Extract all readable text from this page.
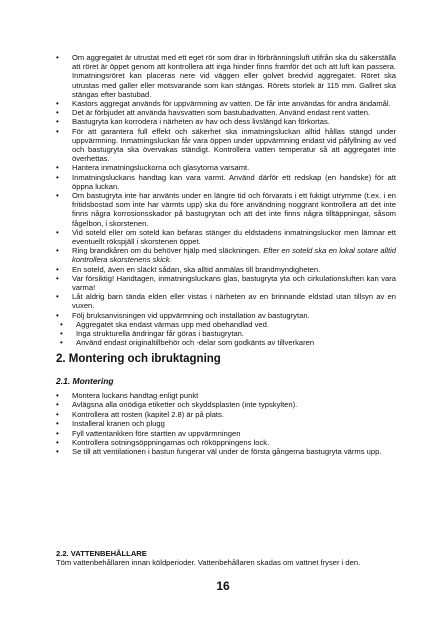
• Om aggregatet är utrustat med ett eget rör som drar in förbränningsluft utifrån ska du säkerställa att röret är öppet genom att kontrollera att inga hinder finns framför det och att luft kan passera. Inmatningsröret kan placeras nere vid väggen eller golvet bredvid aggregatet. Röret ska utrustas med galler eller motsvarande som kan stängas. Rörets storlek är 115 mm. Gallret ska stängas efter bastubad.
• Kastors aggregat används för uppvärmning av vatten. De får inte användas för andra ändamål.
• Det är förbjudet att använda havsvatten som bastubadvatten. Använd endast rent vatten.
• Bastugryta kan korrodera i närheten av hav och dess livslängd kan förkortas.
• För att garantera full effekt och säkerhet ska inmatningsluckan alltid hållas stängd under uppvärmning. Inmatningsluckan får vara öppen under uppvärmning endast vid påfyllning av ved och bastugryta ska övervakas ständigt. Kontrollera vatten temperatur så att aggregatet inte överhettas.
• Hantera inmatningsluckorna och glasytorna varsamt.
• Inmatningsluckans handtag kan vara varmt. Använd därför ett redskap (en handske) för att öppna luckan.
• Om bastugryta inte har använts under en längre tid och förvarats i ett fuktigt utrymme (t.ex. i en fritidsbostad som inte har värmts upp) ska du före användning noggrant kontrollera att det inte finns några korrosionsskador på bastugrytan och att det inte finns några tilltäppningar, såsom fågelbon, i skorstenen.
• Vid soteld eller om soteld kan befaras stänger du eldstadens inmatningsluckor men lämnar ett eventuellt rökspjäll i skorstenen öppet.
• Ring brandkåren om du behöver hjälp med släckningen. Efter en soteld ska en lokal sotare alltid kontrollera skorstenens skick.
• En soteld, även en släckt sådan, ska alltid anmälas till brandmyndigheten.
• Var försiktig! Handtagen, inmatningsluckans glas, bastugryta yta och cirkulationsluften kan vara varma!
• Låt aldrig barn tända elden eller vistas i närheten av en brinnande eldstad utan tillsyn av en vuxen.
• Följ bruksanvisningen vid uppvärmning och installation av bastugrytan.
• Aggregatet ska endast värmas upp med obehandlad ved.
• Inga strukturella ändringar får göras i bastugrytan.
• Använd endast originaltillbehör och -delar som godkänts av tillverkaren
2. Montering och ibruktagning
2.1. Montering
• Montera luckans handtag enligt punkt
• Avlägsna alla onödiga etiketter och skyddsplasten (inte typskylten).
• Kontrollera att rosten (kapitel 2.8) är på plats.
• Installeral kranen och plugg
• Fyll vattentankken före startten av uppvärmningen
• Kontrollera sotningsöppningarnas och rököppningens lock.
• Se till att ventilationen i bastun fungerar väl under de första gångerna bastugryta värms upp.
2.2. VATTENBEHÅLLARE

Töm vattenbehållaren innan köldperioder. Vattenbehållaren skadas om vattnet fryser i den.

16
